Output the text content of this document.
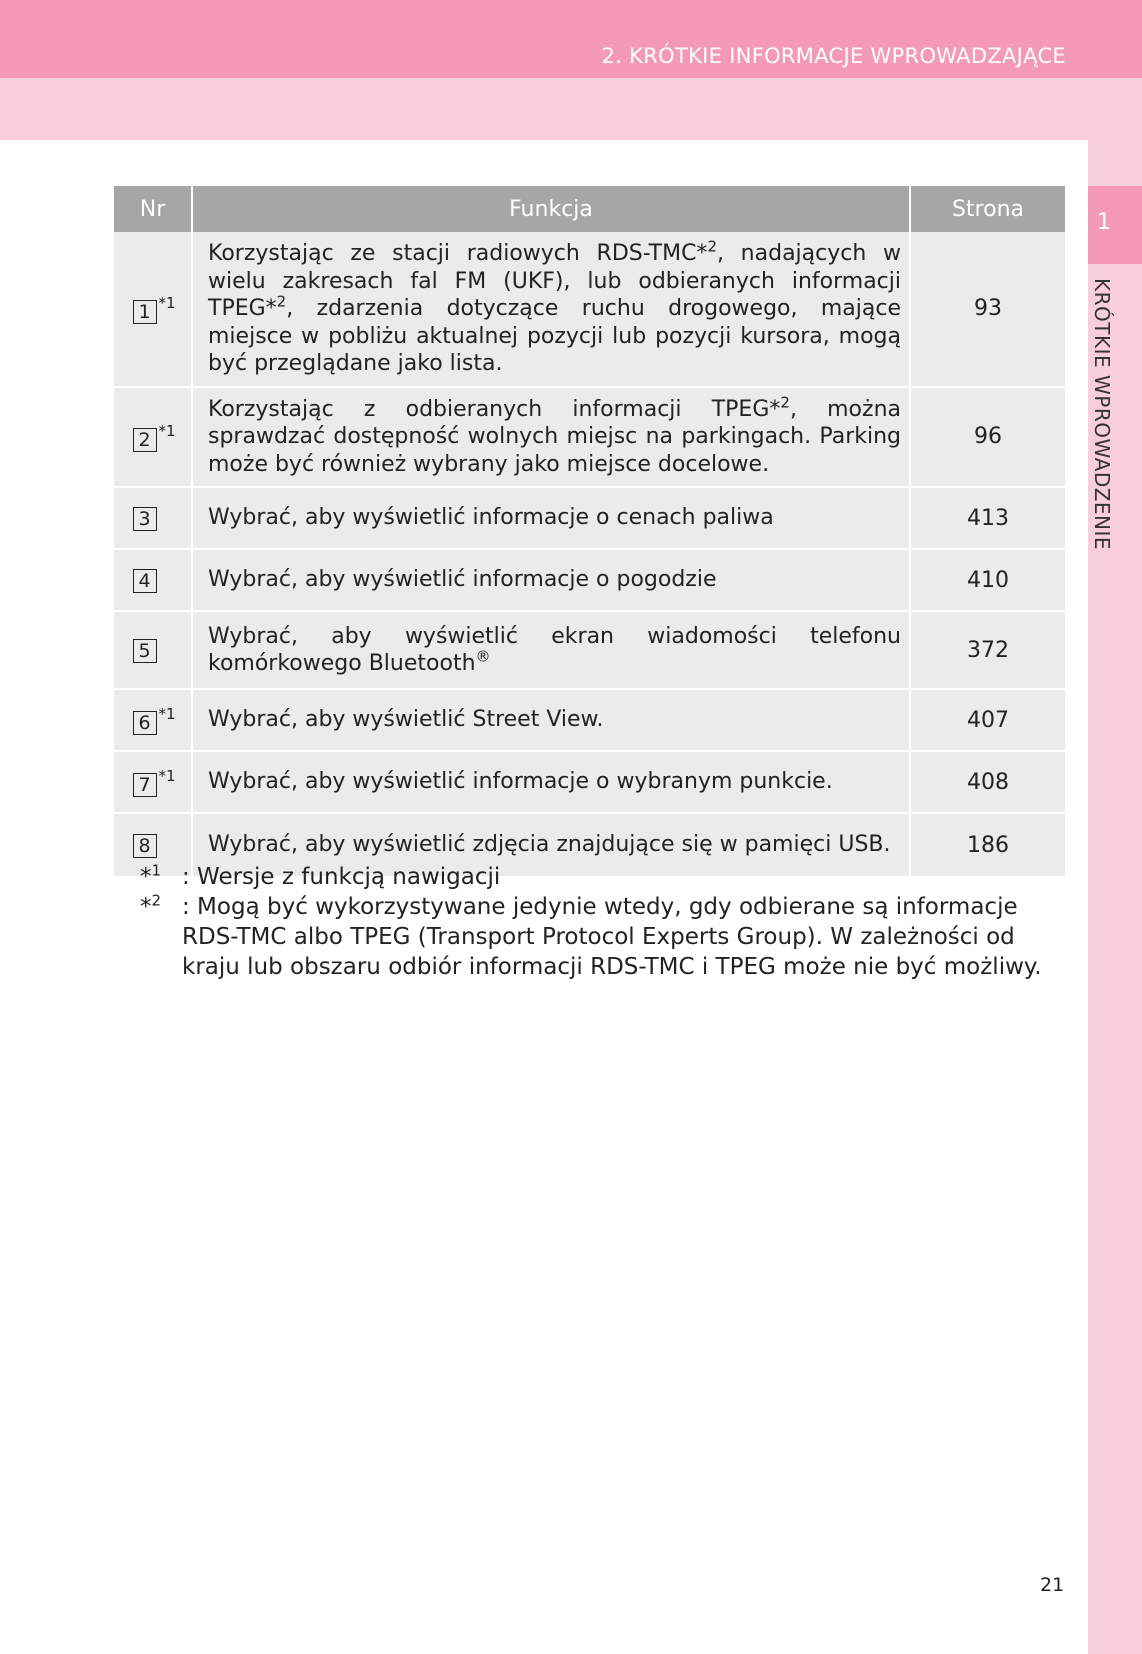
2. KRÓTKIE INFORMACJE WPROWADZAJĄCE
1
KRÓTKIE WPROWADZENIE
Nr	Funkcja	Strona
1 *1	Korzystając ze stacji radiowych RDS-TMC*$^2$, nadających w wielu zakresach fal FM (UKF), lub odbieranych informacji TPEG*$^2$, zdarzenia dotyczące ruchu drogowego, mające miejsce w pobliżu aktualnej pozycji lub pozycji kursora, mogą być przeglądane jako lista.	93
2 *1	Korzystając z odbieranych informacji TPEG*$^2$, można sprawdzać dostępność wolnych miejsc na parkingach. Parking może być również wybrany jako miejsce docelowe.	96
3	Wybrać, aby wyświetlić informacje o cenach paliwa	413
4	Wybrać, aby wyświetlić informacje o pogodzie	410
5	Wybrać, aby wyświetlić ekran wiadomości telefonu komórkowego Bluetooth®	372
6 *1	Wybrać, aby wyświetlić Street View.	407
7 *1	Wybrać, aby wyświetlić informacje o wybranym punkcie.	408
8	Wybrać, aby wyświetlić zdjęcia znajdujące się w pamięci USB.	186
*$^1$ : Wersje z funkcją nawigacji
*$^2$ : Mogą być wykorzystywane jedynie wtedy, gdy odbierane są informacje RDS-TMC albo TPEG (Transport Protocol Experts Group). W zależności od kraju lub obszaru odbiór informacji RDS-TMC i TPEG może nie być możliwy.
21
